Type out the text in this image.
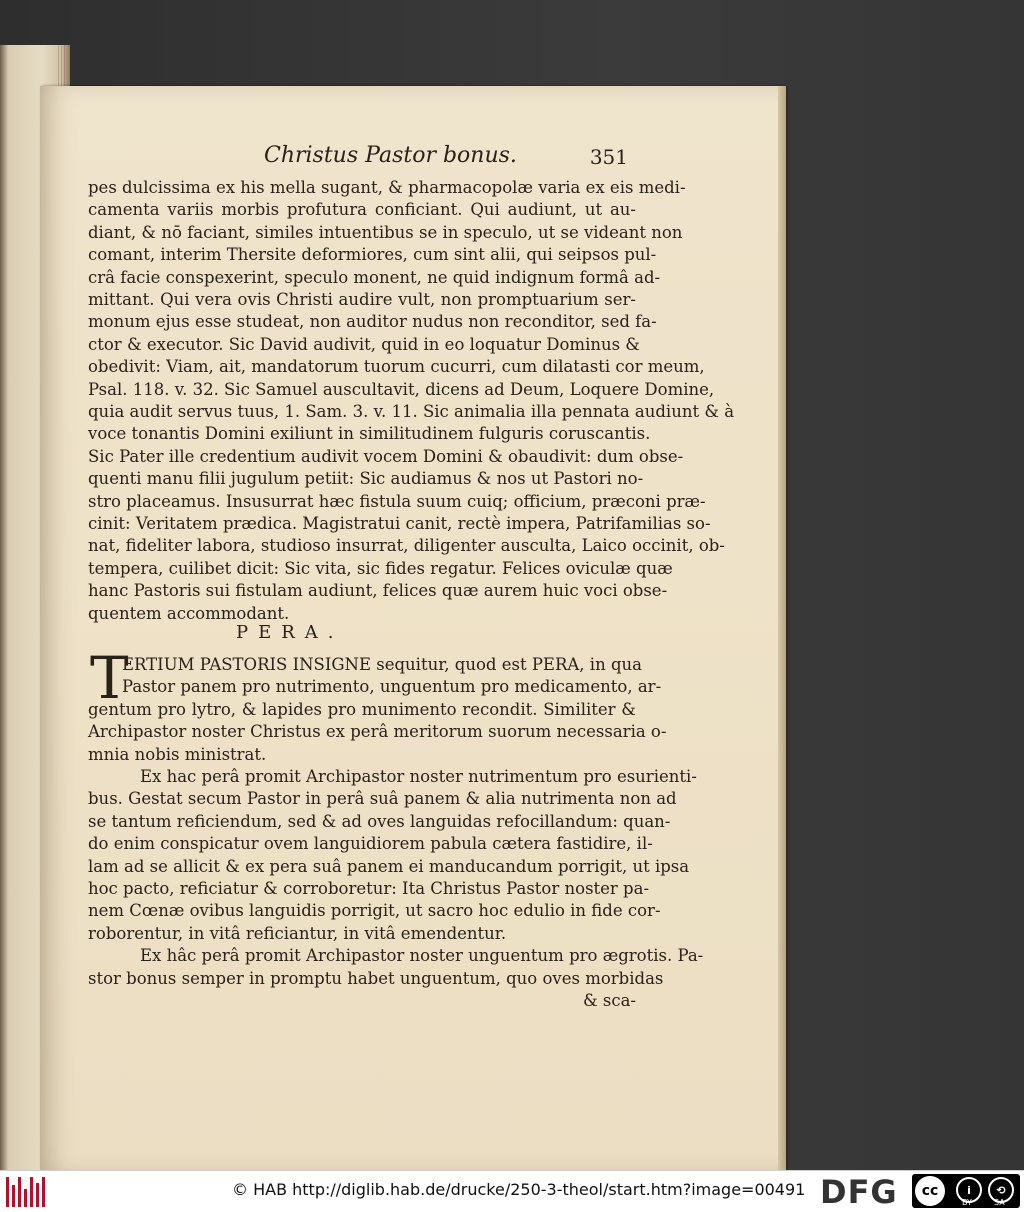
Christus Pastor bonus.	351
pes dulcissima ex his mella sugant, & pharmacopolæ varia ex eis medi-
camenta variis morbis profutura conficiant. Qui audiunt, ut au-
diant, & nō faciant, similes intuentibus se in speculo, ut se videant non
comant, interim Thersite deformiores, cum sint alii, qui seipsos pul-
crâ facie conspexerint, speculo monent, ne quid indignum formâ ad-
mittant. Qui vera ovis Christi audire vult, non promptuarium ser-
monum ejus esse studeat, non auditor nudus non reconditor, sed fa-
ctor & executor. Sic David audivit, quid in eo loquatur Dominus &
obedivit: Viam, ait, mandatorum tuorum cucurri, cum dilatasti cor meum,
Psal. 118. v. 32. Sic Samuel auscultavit, dicens ad Deum, Loquere Domine,
quia audit servus tuus, 1. Sam. 3. v. 11. Sic animalia illa pennata audiunt & à
voce tonantis Domini exiliunt in similitudinem fulguris coruscantis.
Sic Pater ille credentium audivit vocem Domini & obaudivit: dum obse-
quenti manu filii jugulum petiit: Sic audiamus & nos ut Pastori no-
stro placeamus. Insusurrat hæc fistula suum cuiq; officium, præconi præ-
cinit: Veritatem prædica. Magistratui canit, rectè impera, Patrifamilias so-
nat, fideliter labora, studioso insurrat, diligenter ausculta, Laico occinit, ob-
tempera, cuilibet dicit: Sic vita, sic fides regatur. Felices oviculæ quæ
hanc Pastoris sui fistulam audiunt, felices quæ aurem huic voci obse-
quentem accommodant.
PERA.
T
ERTIUM PASTORIS INSIGNE sequitur, quod est PERA, in qua
Pastor panem pro nutrimento, unguentum pro medicamento, ar-
gentum pro lytro, & lapides pro munimento recondit. Similiter &
Archipastor noster Christus ex perâ meritorum suorum necessaria o-
mnia nobis ministrat.
Ex hac perâ promit Archipastor noster nutrimentum pro esurienti-
bus. Gestat secum Pastor in perâ suâ panem & alia nutrimenta non ad
se tantum reficiendum, sed & ad oves languidas refocillandum: quan-
do enim conspicatur ovem languidiorem pabula cætera fastidire, il-
lam ad se allicit & ex pera suâ panem ei manducandum porrigit, ut ipsa
hoc pacto, reficiatur & corroboretur: Ita Christus Pastor noster pa-
nem Cœnæ ovibus languidis porrigit, ut sacro hoc edulio in fide cor-
roborentur, in vitâ reficiantur, in vitâ emendentur.
Ex hâc perâ promit Archipastor noster unguentum pro ægrotis. Pa-
stor bonus semper in promptu habet unguentum, quo oves morbidas
& sca-
© HAB http://diglib.hab.de/drucke/250-3-theol/start.htm?image=00491 DFG	cc	i	⟲
BY	SA
